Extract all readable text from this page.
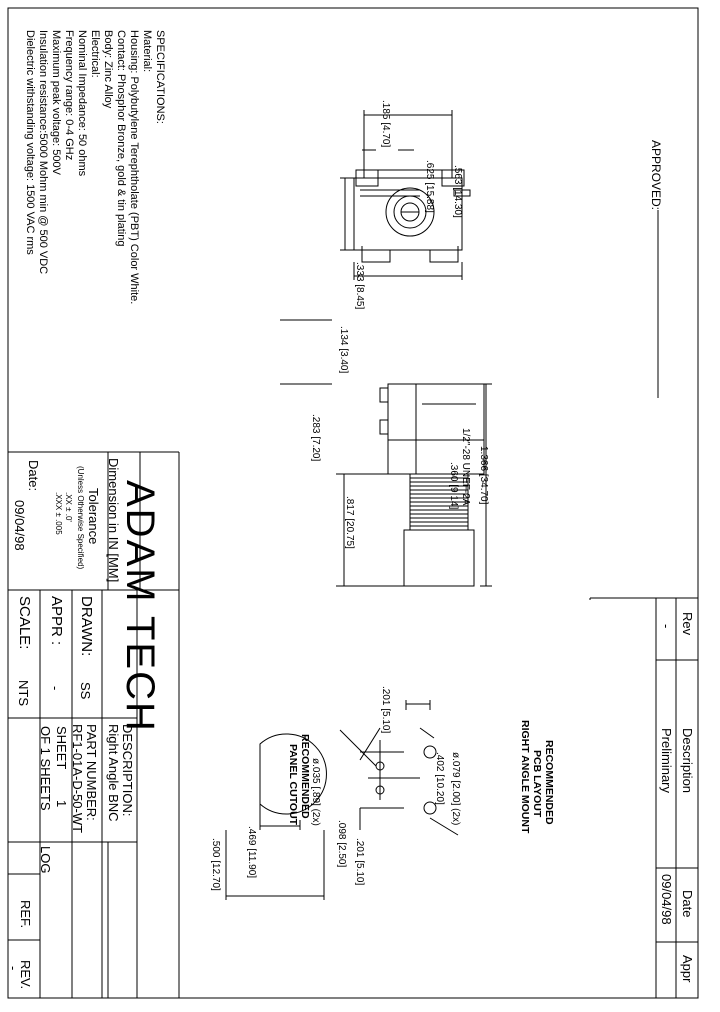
APPROVED:
SPECIFICATIONS:
Material:
Housing: Polybutylene Terephtholate (PBT) Color White.
Contact: Phosphor Bronze, gold & tin plating
Body: Zinc Alloy
Electrical:
Nominal Impedance: 50 ohms
Frequency range: 0-4 GHz
Maximum peak voltage: 500V
Insulation resistance:5000 Mohm min @ 500 VDC
Dielectric withstanding voltage: 1500 VAC rms
Rev
Description
Date
Appr
-
Preliminary
09/04/98
.625 [15.88]
.185 [4.70]
.563 [14.30]
.333 [8.45]
.134 [3.40]
1.366 [34.70]
1/2"-28 UNEF-2A
.360 [9.14]
.283 [7.20]
.817 [20.75]
RECOMMENDED
PCB LAYOUT
RIGHT ANGLE MOUNT
.201 [5.10]
ø.079 [2.00] (2x)
.402 [10.20]
ø.035 [.89] (2x)
.098 [2.50] .201 [5.10]
RECOMMENDED
PANEL CUTOUT
.469 [11.90]
.500 [12.70]
ADAM TECH
Dimension in IN [MM]
Tolerance
(Unless Otherwise Specified)
.XX ± .0'
.XXX ± .005
Date:
09/04/98
DRAWN:
SS
APPR :
-
SCALE:
NTS
DESCRIPTION:
Right Angle BNC
PART NUMBER:
RF1-01A-D-50-WT
SHEET
1
OF 1 SHEETS
LOG
REF.
REV.
-
